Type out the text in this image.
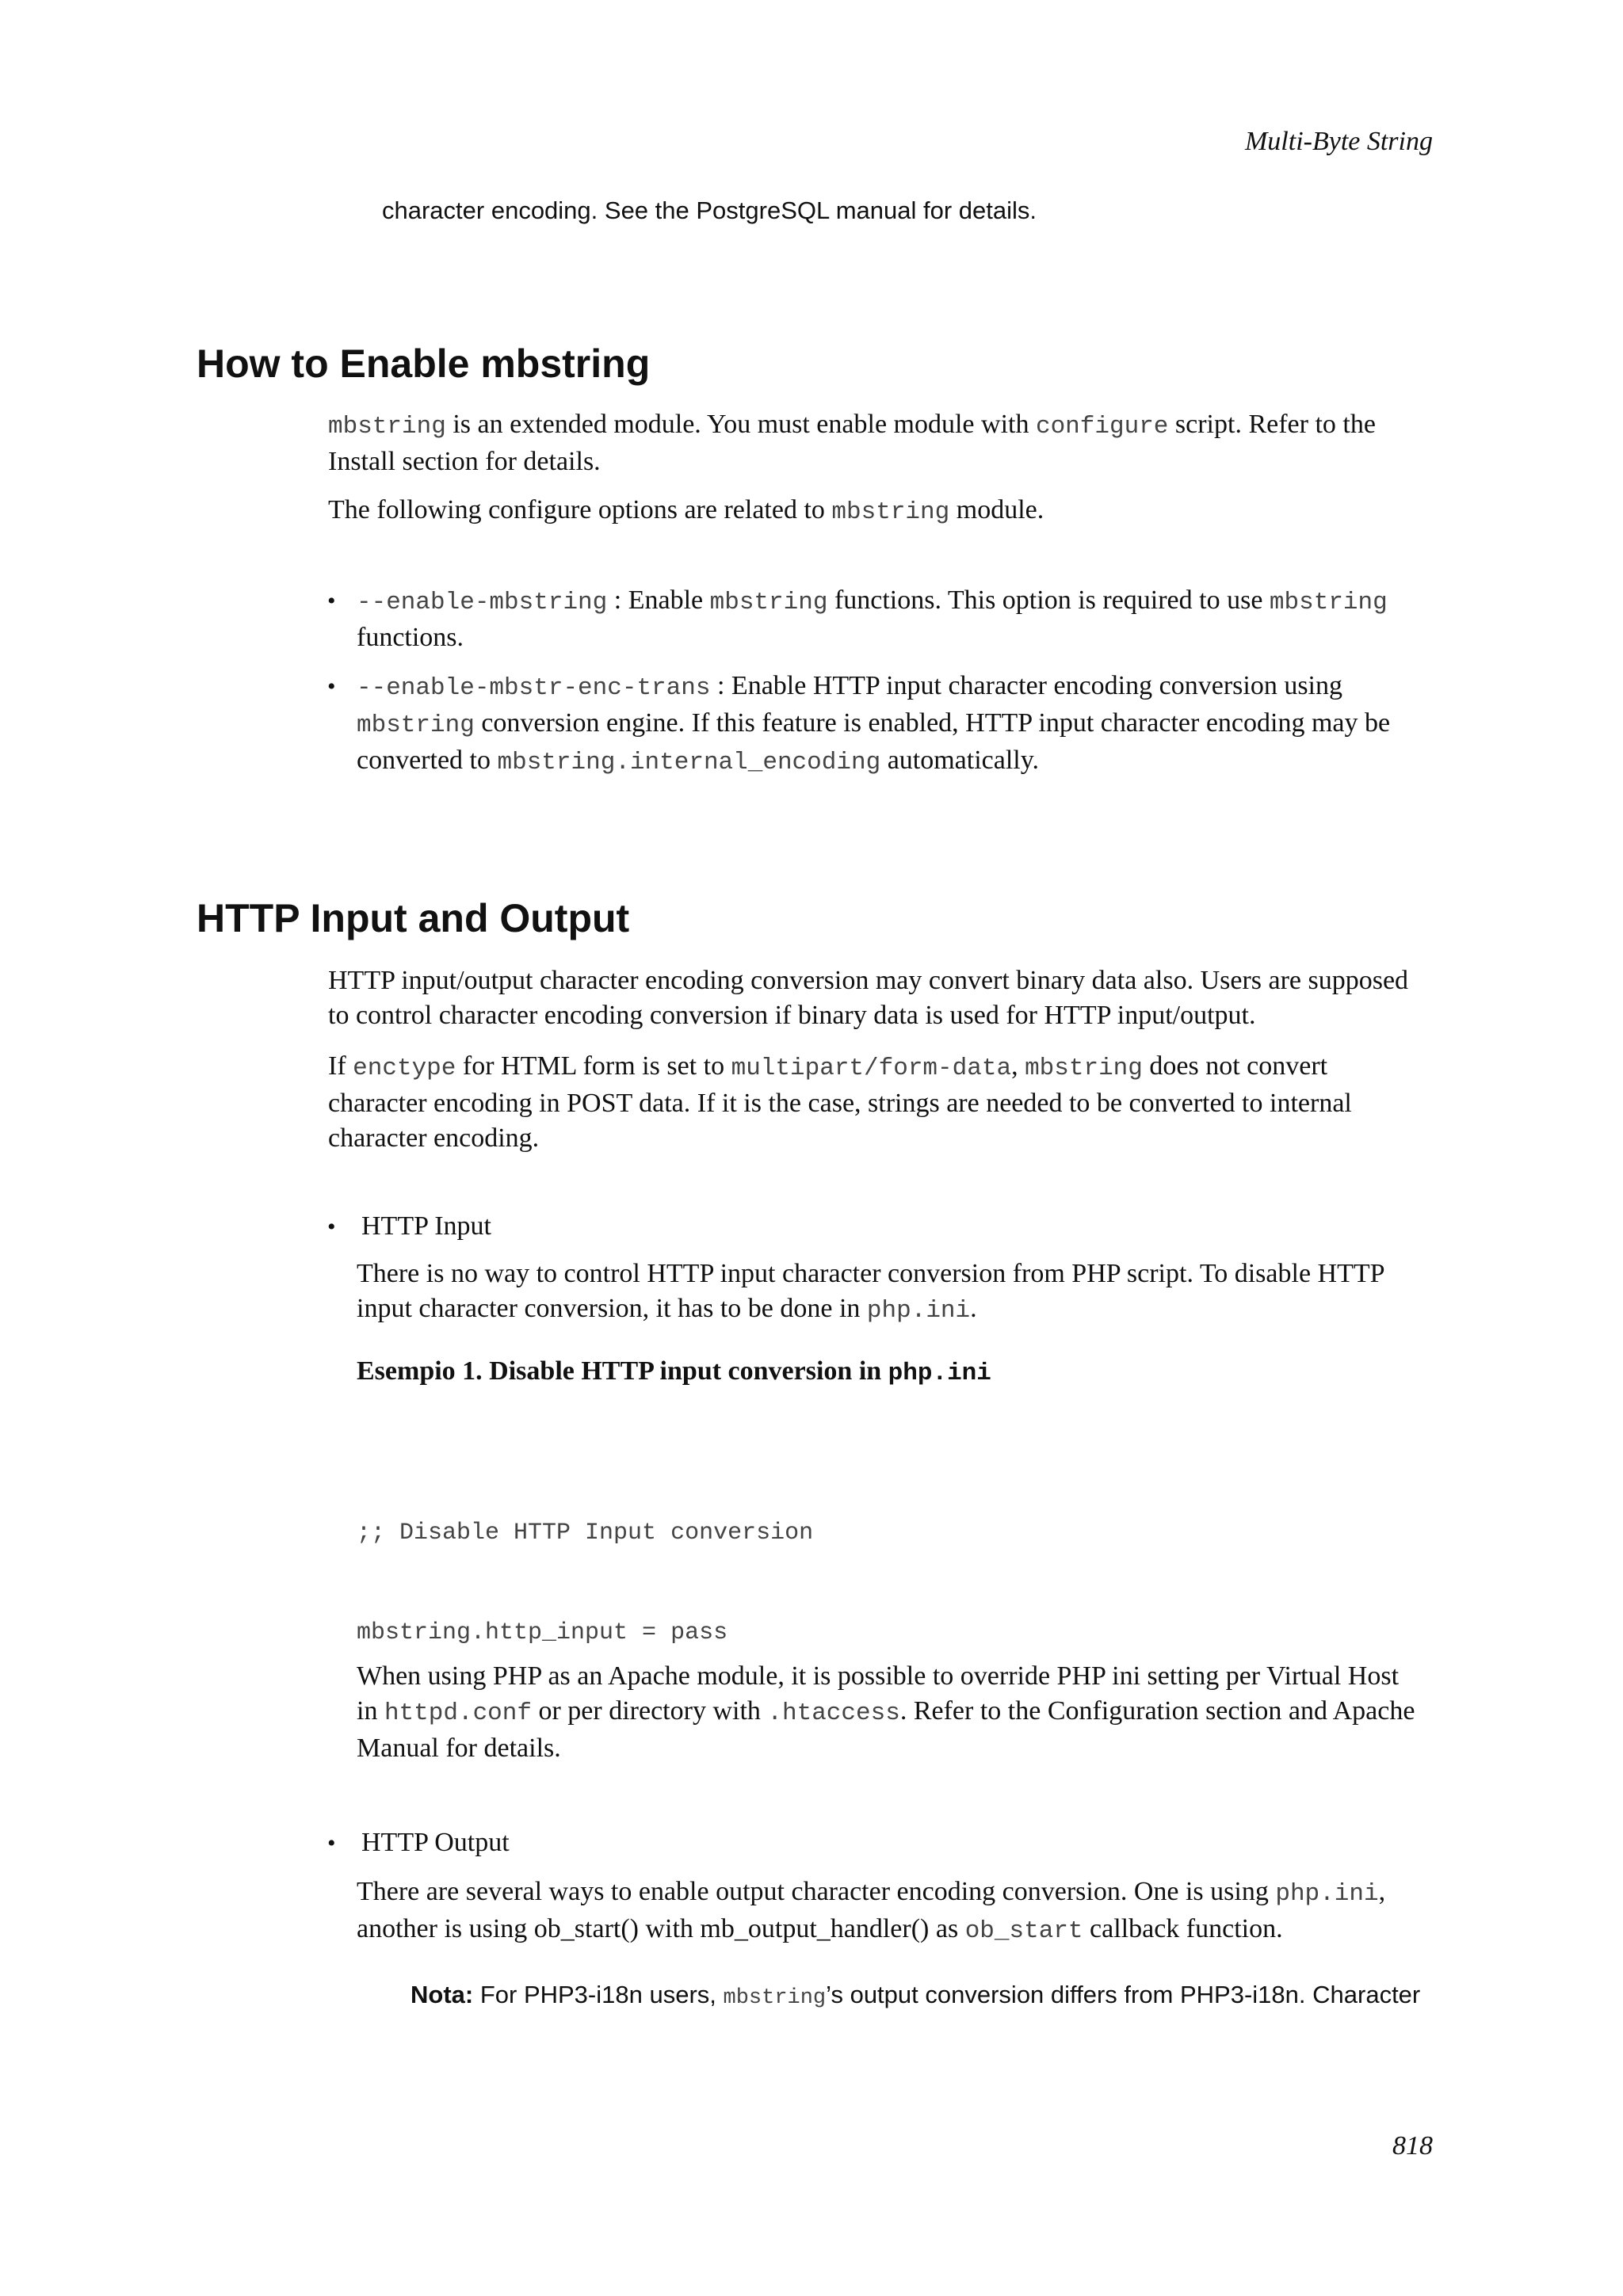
Multi-Byte String
character encoding. See the PostgreSQL manual for details.
How to Enable mbstring
mbstring is an extended module. You must enable module with configure script. Refer to the
Install section for details.
The following configure options are related to mbstring module.
• --enable-mbstring : Enable mbstring functions. This option is required to use mbstring
functions.
• --enable-mbstr-enc-trans : Enable HTTP input character encoding conversion using
mbstring conversion engine. If this feature is enabled, HTTP input character encoding may be
converted to mbstring.internal_encoding automatically.
HTTP Input and Output
HTTP input/output character encoding conversion may convert binary data also. Users are supposed
to control character encoding conversion if binary data is used for HTTP input/output.
If enctype for HTML form is set to multipart/form-data, mbstring does not convert
character encoding in POST data. If it is the case, strings are needed to be converted to internal
character encoding.
• HTTP Input
There is no way to control HTTP input character conversion from PHP script. To disable HTTP
input character conversion, it has to be done in php.ini.
Esempio 1. Disable HTTP input conversion in php.ini

;; Disable HTTP Input conversion

mbstring.http_input = pass

When using PHP as an Apache module, it is possible to override PHP ini setting per Virtual Host
in httpd.conf or per directory with .htaccess. Refer to the Configuration section and Apache
Manual for details.
• HTTP Output
There are several ways to enable output character encoding conversion. One is using php.ini,
another is using ob_start() with mb_output_handler() as ob_start callback function.
Nota: For PHP3-i18n users, mbstring’s output conversion differs from PHP3-i18n. Character
818
